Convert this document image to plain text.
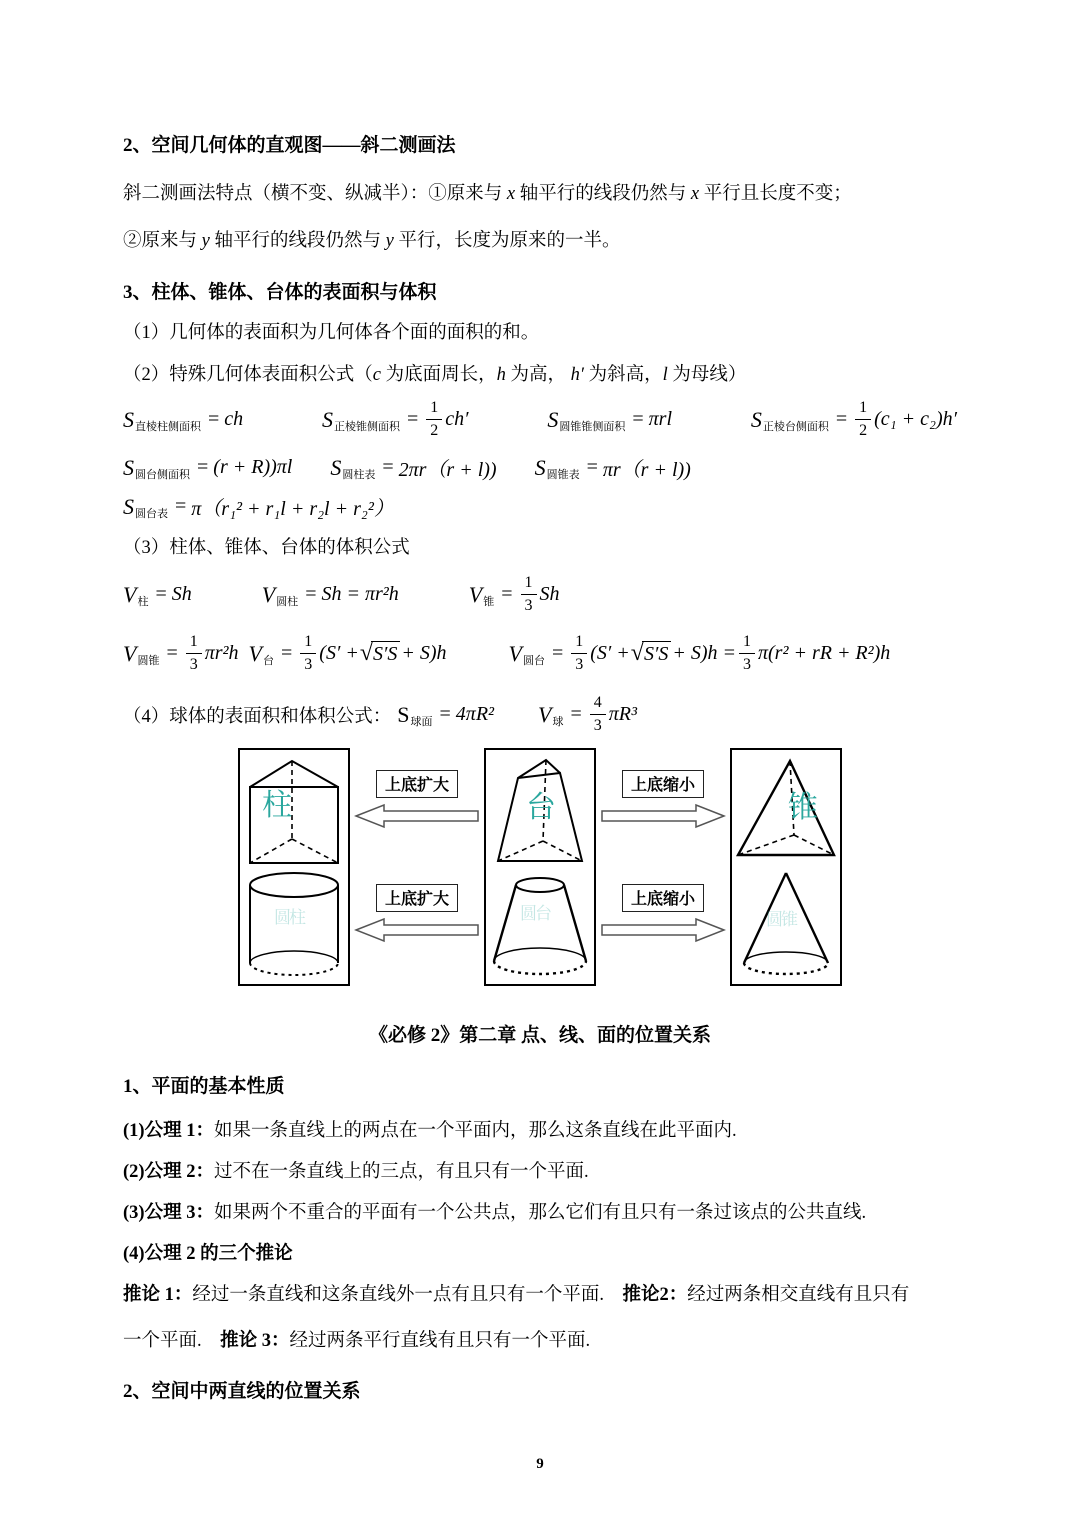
2、空间几何体的直观图——斜二测画法

斜二测画法特点（横不变、纵减半）：①原来与 x 轴平行的线段仍然与 x 平行且长度不变；

②原来与 y 轴平行的线段仍然与 y 平行，长度为原来的一半。

3、柱体、锥体、台体的表面积与体积

（1）几何体的表面积为几何体各个面的面积的和。

（2）特殊几何体表面积公式（c 为底面周长，h 为高， h′ 为斜高，l 为母线）

S 直棱柱侧面积 = ch	S 正棱锥侧面积 = $\frac{1}{2} ch'$	S 圆锥锥侧面积 = πrl	S 正棱台侧面积 = $\frac{1}{2} (c_1 + c_2)h'$
S 圆台侧面积 = (r + R))πl S 圆柱表 = 2πr（r + l)) S 圆锥表 = πr（r + l))
S 圆台表 = π（r₁² + r₁l + r₂l + r₂²）

（3）柱体、锥体、台体的体积公式

V 柱 = Sh	V 圆柱 = Sh = πr²h	V 锥 = $\frac{1}{3}$ Sh
V 圆锥 = $\frac{1}{3} \pi r^2h$ V 台 = $\frac{1}{3} (S'$ + √ S′S + S)h	V 圆台 = $\frac{1}{3} (S'$ + √ $S'S + S)h = \frac{1}{3} \pi(r^2$ + rR + R²)h
（4）球体的表面积和体积公式： S 球面 = 4πR² V 球 = $\frac{4}{3} \pi R^3$
柱
圆柱
上底扩大
上底扩大
台
圆台
上底缩小
上底缩小
锥
圆锥
《必修 2》第二章 点、线、面的位置关系
1、平面的基本性质

(1)公理 1：如果一条直线上的两点在一个平面内，那么这条直线在此平面内.

(2)公理 2：过不在一条直线上的三点，有且只有一个平面.

(3)公理 3：如果两个不重合的平面有一个公共点，那么它们有且只有一条过该点的公共直线.

(4)公理 2 的三个推论

推论 1：经过一条直线和这条直线外一点有且只有一个平面.　推论2：经过两条相交直线有且只有

一个平面.　推论 3：经过两条平行直线有且只有一个平面.

2、空间中两直线的位置关系
9
